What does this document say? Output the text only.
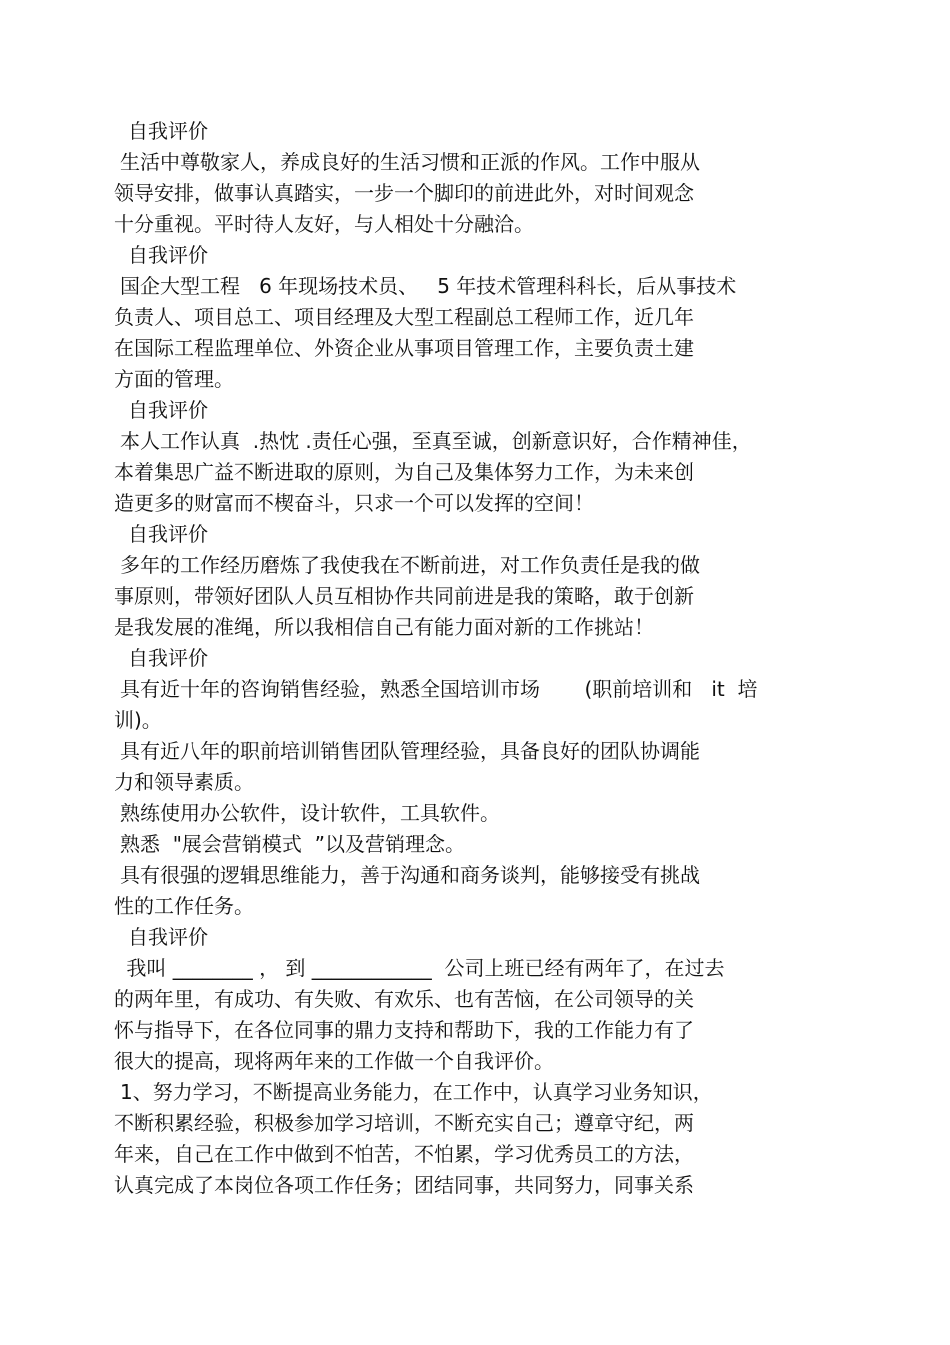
自我评价
生活中尊敬家人，养成良好的生活习惯和正派的作风。工作中服从
领导安排，做事认真踏实，一步一个脚印的前进此外，对时间观念
十分重视。平时待人友好，与人相处十分融洽。
自我评价
国企大型工程   6 年现场技术员、   5 年技术管理科科长，后从事技术
负责人、项目总工、项目经理及大型工程副总工程师工作，近几年
在国际工程监理单位、外资企业从事项目管理工作，主要负责土建
方面的管理。
自我评价
本人工作认真  .热忱 .责任心强，至真至诚，创新意识好，合作精神佳，
本着集思广益不断进取的原则，为自己及集体努力工作，为未来创
造更多的财富而不楔奋斗，只求一个可以发挥的空间！
自我评价
多年的工作经历磨炼了我使我在不断前进，对工作负责任是我的做
事原则，带领好团队人员互相协作共同前进是我的策略，敢于创新
是我发展的准绳，所以我相信自己有能力面对新的工作挑站！
自我评价
具有近十年的咨询销售经验，熟悉全国培训市场       (职前培训和   it  培
训)。
具有近八年的职前培训销售团队管理经验，具备良好的团队协调能
力和领导素质。
熟练使用办公软件，设计软件，工具软件。
熟悉  "展会营销模式  ”以及营销理念。
具有很强的逻辑思维能力，善于沟通和商务谈判，能够接受有挑战
性的工作任务。
自我评价
我叫 ________ ， 到 ____________  公司上班已经有两年了，在过去
的两年里，有成功、有失败、有欢乐、也有苦恼，在公司领导的关
怀与指导下，在各位同事的鼎力支持和帮助下，我的工作能力有了
很大的提高，现将两年来的工作做一个自我评价。
1、努力学习，不断提高业务能力，在工作中，认真学习业务知识，
不断积累经验，积极参加学习培训，不断充实自己；遵章守纪，两
年来，自己在工作中做到不怕苦，不怕累，学习优秀员工的方法，
认真完成了本岗位各项工作任务；团结同事，共同努力，同事关系
